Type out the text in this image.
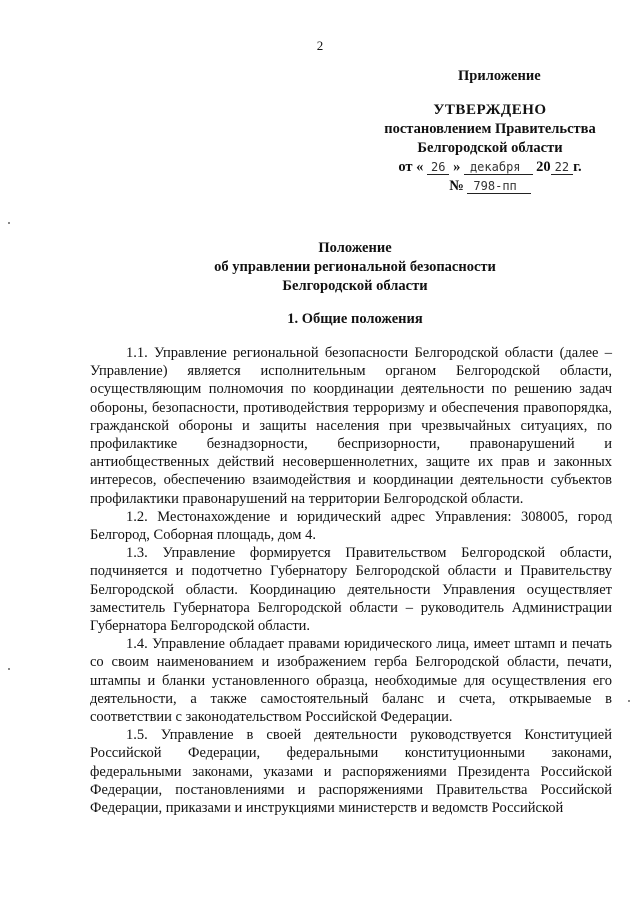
2
Приложение
УТВЕРЖДЕНО
постановлением Правительства
Белгородской области
от « 26 » декабря 20 22 г.
№ 798-пп
Положение
об управлении региональной безопасности
Белгородской области
1. Общие положения

1.1. Управление региональной безопасности Белгородской области (далее – Управление) является исполнительным органом Белгородской области, осуществляющим полномочия по координации деятельности по решению задач обороны, безопасности, противодействия терроризму и обеспечения правопорядка, гражданской обороны и защиты населения при чрезвычайных ситуациях, по профилактике безнадзорности, беспризорности, правонарушений и антиобщественных действий несовершеннолетних, защите их прав и законных интересов, обеспечению взаимодействия и координации деятельности субъектов профилактики правонарушений на территории Белгородской области.

1.2. Местонахождение и юридический адрес Управления: 308005, город Белгород, Соборная площадь, дом 4.

1.3. Управление формируется Правительством Белгородской области, подчиняется и подотчетно Губернатору Белгородской области и Правительству Белгородской области. Координацию деятельности Управления осуществляет заместитель Губернатора Белгородской области – руководитель Администрации Губернатора Белгородской области.

1.4. Управление обладает правами юридического лица, имеет штамп и печать со своим наименованием и изображением герба Белгородской области, печати, штампы и бланки установленного образца, необходимые для осуществления его деятельности, а также самостоятельный баланс и счета, открываемые в соответствии с законодательством Российской Федерации.

1.5. Управление в своей деятельности руководствуется Конституцией Российской Федерации, федеральными конституционными законами, федеральными законами, указами и распоряжениями Президента Российской Федерации, постановлениями и распоряжениями Правительства Российской Федерации, приказами и инструкциями министерств и ведомств Российской
